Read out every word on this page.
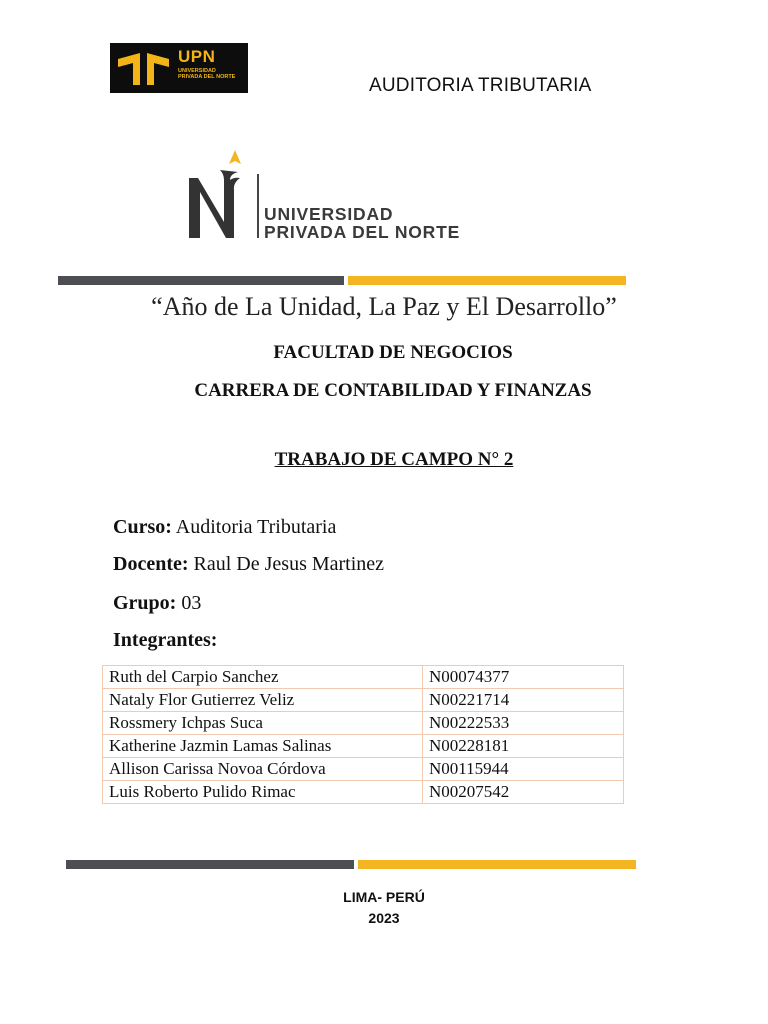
UPN
UNIVERSIDAD PRIVADA DEL NORTE	AUDITORIA TRIBUTARIA
UNIVERSIDAD
PRIVADA DEL NORTE
“Año de La Unidad, La Paz y El Desarrollo”
FACULTAD DE NEGOCIOS
CARRERA DE CONTABILIDAD Y FINANZAS
TRABAJO DE CAMPO N° 2
Curso: Auditoria Tributaria
Docente: Raul De Jesus Martinez
Grupo: 03
Integrantes:
Ruth del Carpio Sanchez	N00074377
Nataly Flor Gutierrez Veliz	N00221714
Rossmery Ichpas Suca	N00222533
Katherine Jazmin Lamas Salinas	N00228181
Allison Carissa Novoa Córdova	N00115944
Luis Roberto Pulido Rimac	N00207542
LIMA- PERÚ
2023
